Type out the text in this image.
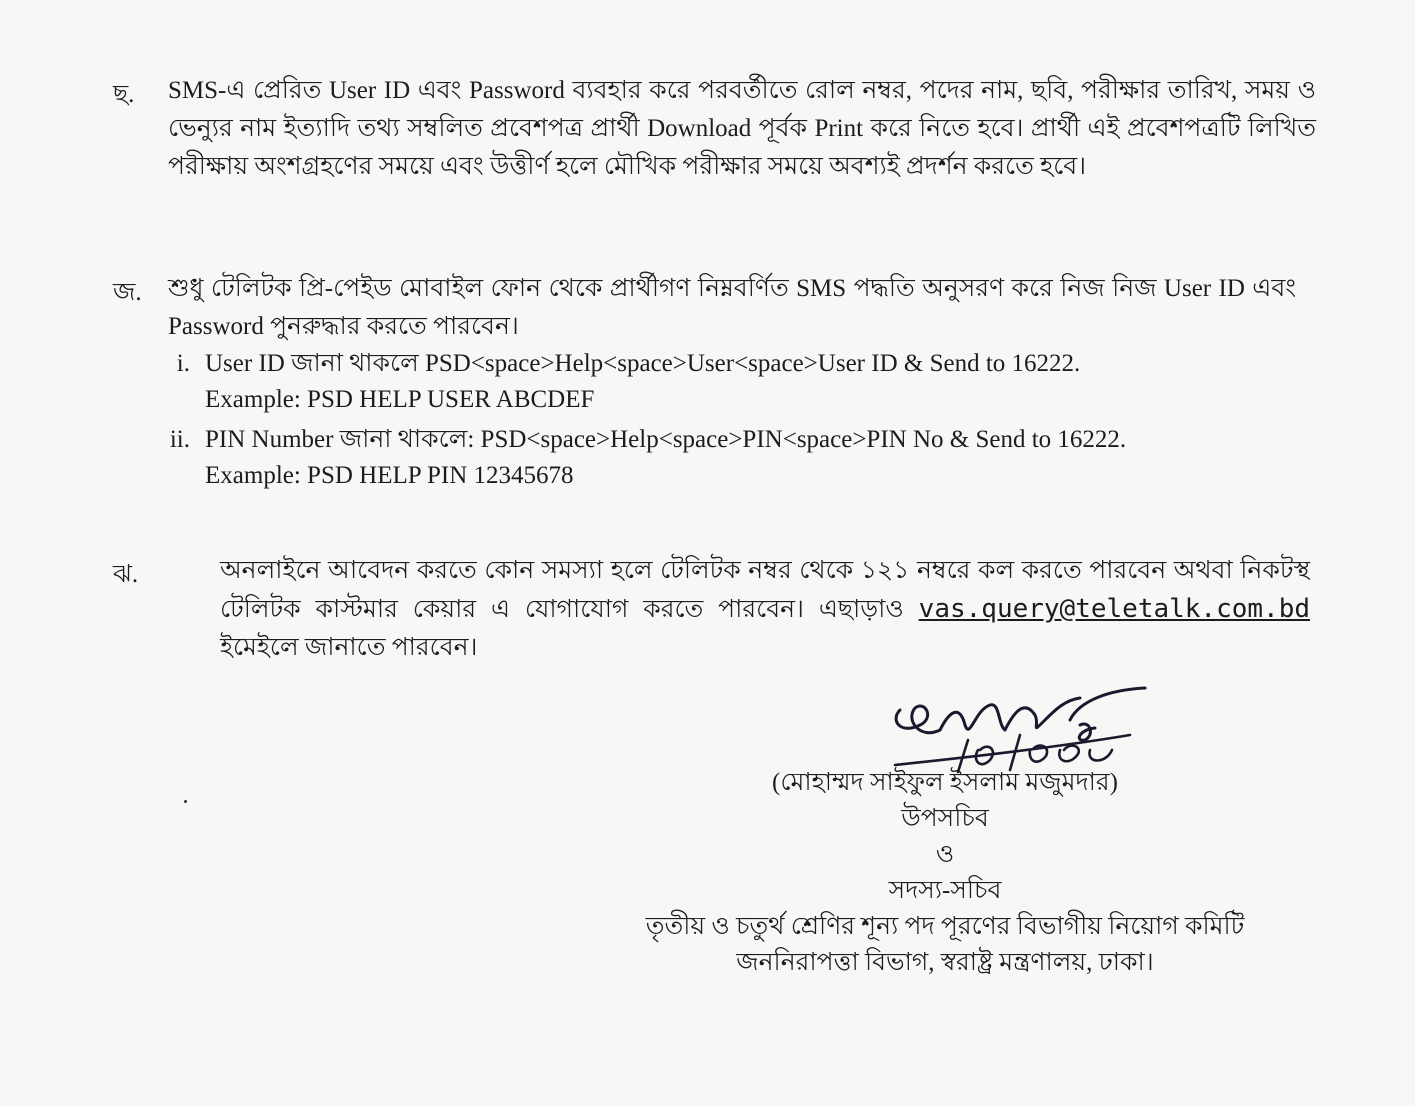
ছ. SMS-এ প্রেরিত User ID এবং Password ব্যবহার করে পরবর্তীতে রোল নম্বর, পদের নাম, ছবি, পরীক্ষার তারিখ, সময় ও ভেন্যুর নাম ইত্যাদি তথ্য সম্বলিত প্রবেশপত্র প্রার্থী Download পূর্বক Print করে নিতে হবে। প্রার্থী এই প্রবেশপত্রটি লিখিত পরীক্ষায় অংশগ্রহণের সময়ে এবং উত্তীর্ণ হলে মৌখিক পরীক্ষার সময়ে অবশ্যই প্রদর্শন করতে হবে।
জ. শুধু টেলিটক প্রি-পেইড মোবাইল ফোন থেকে প্রার্থীগণ নিম্নবর্ণিত SMS পদ্ধতি অনুসরণ করে নিজ নিজ User ID এবং Password পুনরুদ্ধার করতে পারবেন।
i. User ID জানা থাকলে PSD<space>Help<space>User<space>User ID & Send to 16222.
Example: PSD HELP USER ABCDEF
ii. PIN Number জানা থাকলে: PSD<space>Help<space>PIN<space>PIN No & Send to 16222.
Example: PSD HELP PIN 12345678
ঝ.	অনলাইনে আবেদন করতে কোন সমস্যা হলে টেলিটক নম্বর থেকে ১২১ নম্বরে কল করতে পারবেন অথবা নিকটস্থ টেলিটক কাস্টমার কেয়ার এ যোগাযোগ করতে পারবেন। এছাড়াও vas.query@teletalk.com.bd ইমেইলে জানাতে পারবেন।
(মোহাম্মদ সাইফুল ইসলাম মজুমদার)
উপসচিব
ও
সদস্য-সচিব
তৃতীয় ও চতুর্থ শ্রেণির শূন্য পদ পূরণের বিভাগীয় নিয়োগ কমিটি
জননিরাপত্তা বিভাগ, স্বরাষ্ট্র মন্ত্রণালয়, ঢাকা।
